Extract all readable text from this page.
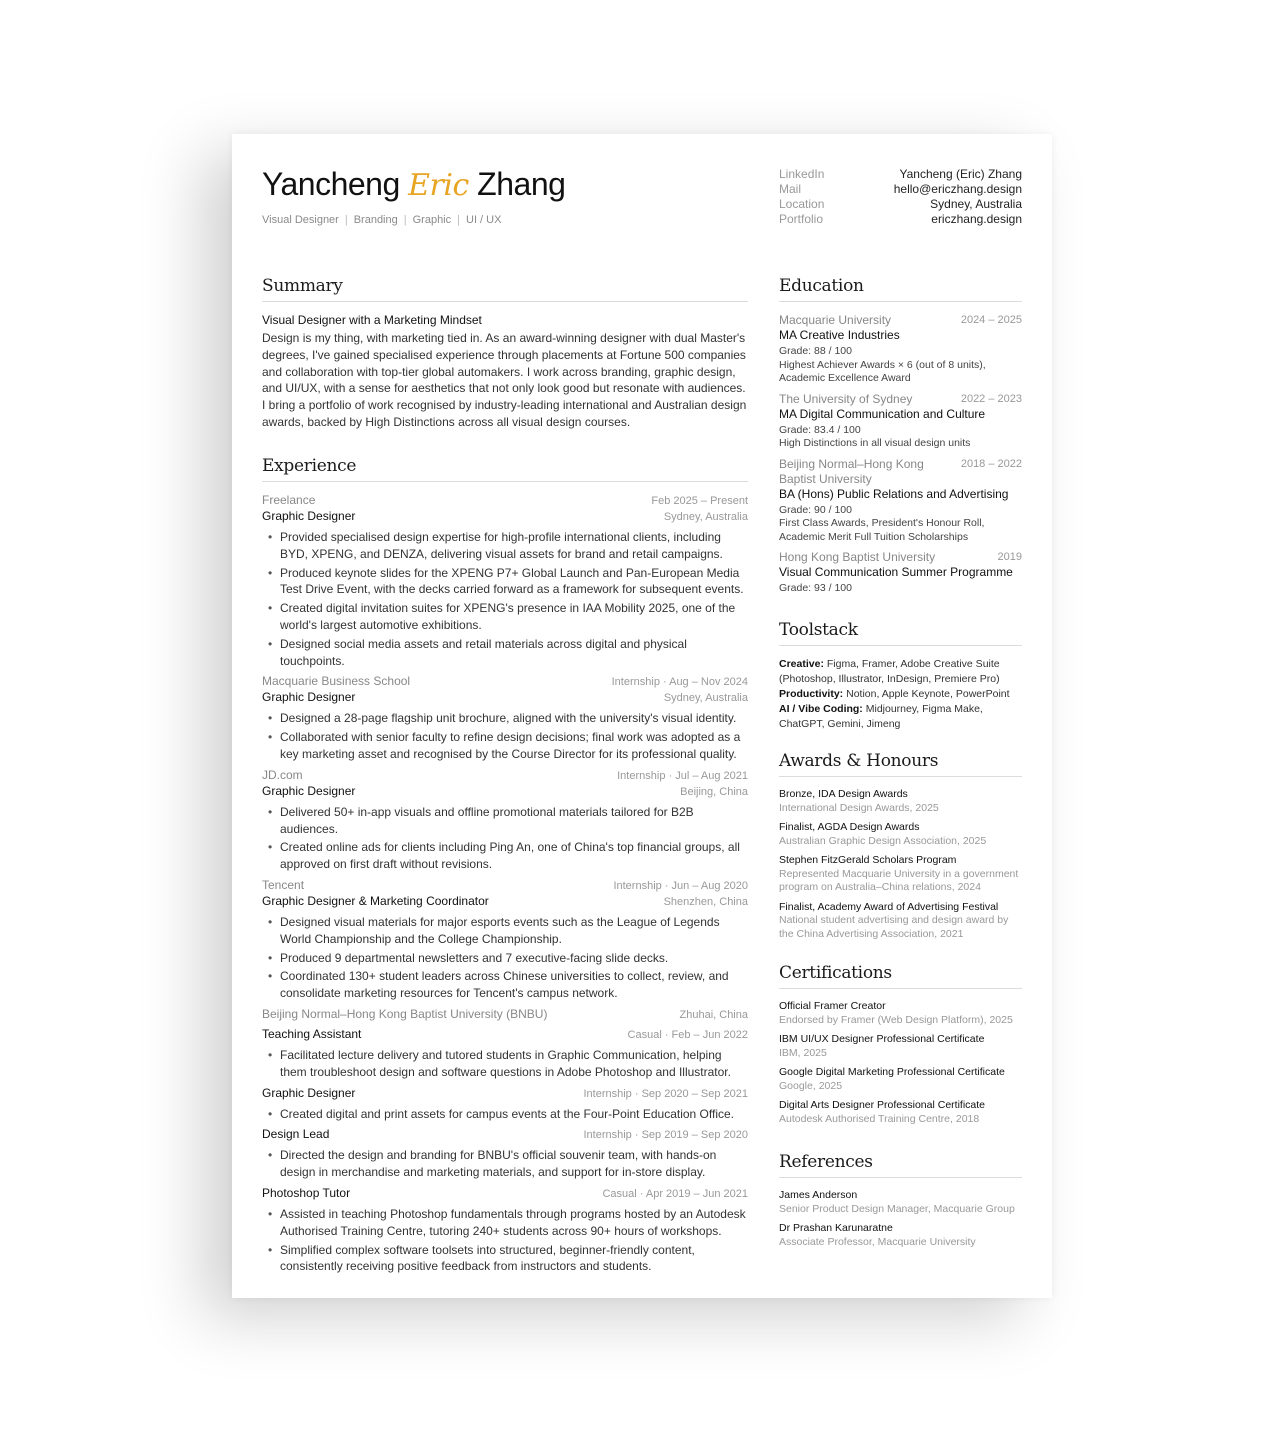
Yancheng Eric Zhang
Visual Designer | Branding | Graphic | UI / UX
Summary
Visual Designer with a Marketing Mindset
Design is my thing, with marketing tied in. As an award-winning designer with dual Master's degrees, I've gained specialised experience through placements at Fortune 500 companies and collaboration with top-tier global automakers. I work across branding, graphic design, and UI/UX, with a sense for aesthetics that not only look good but resonate with audiences. I bring a portfolio of work recognised by industry-leading international and Australian design awards, backed by High Distinctions across all visual design courses.
Experience
Freelance	Feb 2025 – Present
Graphic Designer	Sydney, Australia
• Provided specialised design expertise for high-profile international clients, including BYD, XPENG, and DENZA, delivering visual assets for brand and retail campaigns.
• Produced keynote slides for the XPENG P7+ Global Launch and Pan-European Media Test Drive Event, with the decks carried forward as a framework for subsequent events.
• Created digital invitation suites for XPENG's presence in IAA Mobility 2025, one of the world's largest automotive exhibitions.
• Designed social media assets and retail materials across digital and physical touchpoints.
Macquarie Business School	Internship · Aug – Nov 2024
Graphic Designer	Sydney, Australia
• Designed a 28-page flagship unit brochure, aligned with the university's visual identity.
• Collaborated with senior faculty to refine design decisions; final work was adopted as a key marketing asset and recognised by the Course Director for its professional quality.
JD.com	Internship · Jul – Aug 2021
Graphic Designer	Beijing, China
• Delivered 50+ in-app visuals and offline promotional materials tailored for B2B audiences.
• Created online ads for clients including Ping An, one of China's top financial groups, all approved on first draft without revisions.
Tencent	Internship · Jun – Aug 2020
Graphic Designer & Marketing Coordinator	Shenzhen, China
• Designed visual materials for major esports events such as the League of Legends World Championship and the College Championship.
• Produced 9 departmental newsletters and 7 executive-facing slide decks.
• Coordinated 130+ student leaders across Chinese universities to collect, review, and consolidate marketing resources for Tencent's campus network.
Beijing Normal–Hong Kong Baptist University (BNBU)	Zhuhai, China
Teaching Assistant	Casual · Feb – Jun 2022
• Facilitated lecture delivery and tutored students in Graphic Communication, helping them troubleshoot design and software questions in Adobe Photoshop and Illustrator.
Graphic Designer	Internship · Sep 2020 – Sep 2021
• Created digital and print assets for campus events at the Four-Point Education Office.
Design Lead	Internship · Sep 2019 – Sep 2020
• Directed the design and branding for BNBU's official souvenir team, with hands-on design in merchandise and marketing materials, and support for in-store display.
Photoshop Tutor	Casual · Apr 2019 – Jun 2021
• Assisted in teaching Photoshop fundamentals through programs hosted by an Autodesk Authorised Training Centre, tutoring 240+ students across 90+ hours of workshops.
• Simplified complex software toolsets into structured, beginner-friendly content, consistently receiving positive feedback from instructors and students.
LinkedIn	Yancheng (Eric) Zhang
Mail	hello@ericzhang.design
Location	Sydney, Australia
Portfolio	ericzhang.design
Education
Macquarie University	2024 – 2025
MA Creative Industries
Grade: 88 / 100
Highest Achiever Awards × 6 (out of 8 units), Academic Excellence Award
The University of Sydney	2022 – 2023
MA Digital Communication and Culture
Grade: 83.4 / 100
High Distinctions in all visual design units
Beijing Normal–Hong Kong Baptist University
2018 – 2022
BA (Hons) Public Relations and Advertising
Grade: 90 / 100
First Class Awards, President's Honour Roll, Academic Merit Full Tuition Scholarships
Hong Kong Baptist University	2019
Visual Communication Summer Programme
Grade: 93 / 100
Toolstack
Creative: Figma, Framer, Adobe Creative Suite (Photoshop, Illustrator, InDesign, Premiere Pro)
Productivity: Notion, Apple Keynote, PowerPoint
AI / Vibe Coding: Midjourney, Figma Make, ChatGPT, Gemini, Jimeng
Awards & Honours
Bronze, IDA Design Awards
International Design Awards, 2025
Finalist, AGDA Design Awards
Australian Graphic Design Association, 2025
Stephen FitzGerald Scholars Program
Represented Macquarie University in a government program on Australia–China relations, 2024
Finalist, Academy Award of Advertising Festival
National student advertising and design award by the China Advertising Association, 2021
Certifications
Official Framer Creator
Endorsed by Framer (Web Design Platform), 2025
IBM UI/UX Designer Professional Certificate
IBM, 2025
Google Digital Marketing Professional Certificate
Google, 2025
Digital Arts Designer Professional Certificate
Autodesk Authorised Training Centre, 2018
References
James Anderson
Senior Product Design Manager, Macquarie Group
Dr Prashan Karunaratne
Associate Professor, Macquarie University
